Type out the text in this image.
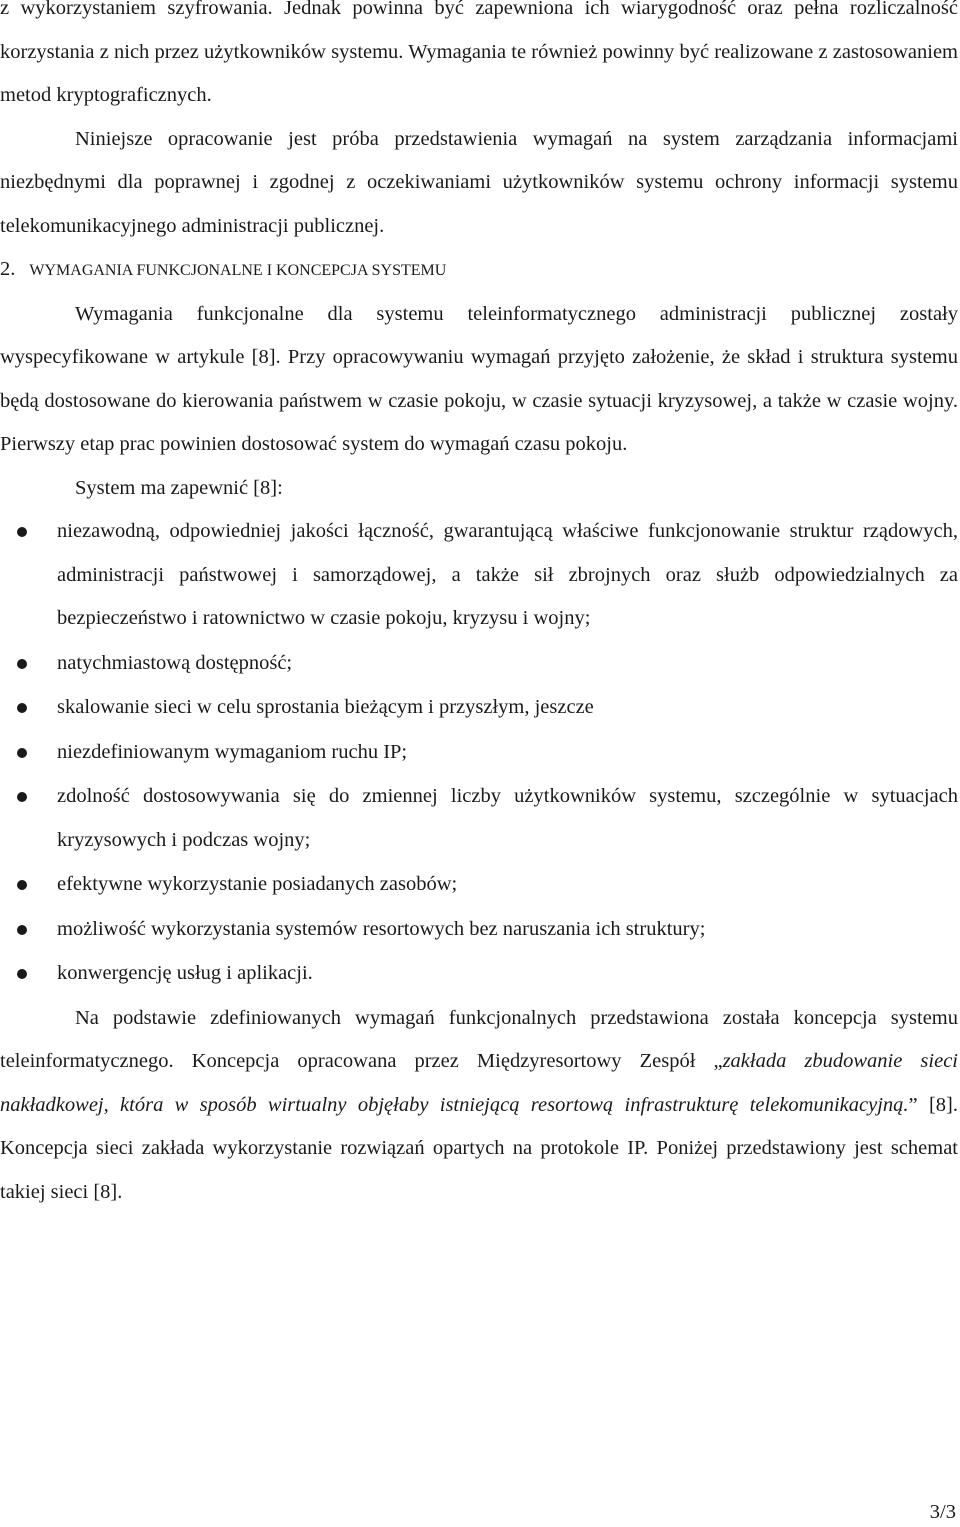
z wykorzystaniem szyfrowania. Jednak powinna być zapewniona ich wiarygodność oraz pełna rozliczalność korzystania z nich przez użytkowników systemu. Wymagania te również powinny być realizowane z zastosowaniem metod kryptograficznych.

Niniejsze opracowanie jest próba przedstawienia wymagań na system zarządzania informacjami niezbędnymi dla poprawnej i zgodnej z oczekiwaniami użytkowników systemu ochrony informacji systemu telekomunikacyjnego administracji publicznej.

2. WYMAGANIA FUNKCJONALNE I KONCEPCJA SYSTEMU

Wymagania funkcjonalne dla systemu teleinformatycznego administracji publicznej zostały wyspecyfikowane w artykule [8]. Przy opracowywaniu wymagań przyjęto założenie, że skład i struktura systemu będą dostosowane do kierowania państwem w czasie pokoju, w czasie sytuacji kryzysowej, a także w czasie wojny. Pierwszy etap prac powinien dostosować system do wymagań czasu pokoju.

System ma zapewnić [8]:

niezawodną, odpowiedniej jakości łączność, gwarantującą właściwe funkcjonowanie struktur rządowych, administracji państwowej i samorządowej, a także sił zbrojnych oraz służb odpowiedzialnych za bezpieczeństwo i ratownictwo w czasie pokoju, kryzysu i wojny;
natychmiastową dostępność;
skalowanie sieci w celu sprostania bieżącym i przyszłym, jeszcze
niezdefiniowanym wymaganiom ruchu IP;
zdolność dostosowywania się do zmiennej liczby użytkowników systemu, szczególnie w sytuacjach kryzysowych i podczas wojny;
efektywne wykorzystanie posiadanych zasobów;
możliwość wykorzystania systemów resortowych bez naruszania ich struktury;
konwergencję usług i aplikacji.

Na podstawie zdefiniowanych wymagań funkcjonalnych przedstawiona została koncepcja systemu teleinformatycznego. Koncepcja opracowana przez Międzyresortowy Zespół „zakłada zbudowanie sieci nakładkowej, która w sposób wirtualny objęłaby istniejącą resortową infrastrukturę telekomunikacyjną.” [8]. Koncepcja sieci zakłada wykorzystanie rozwiązań opartych na protokole IP. Poniżej przedstawiony jest schemat takiej sieci [8].

3/3
